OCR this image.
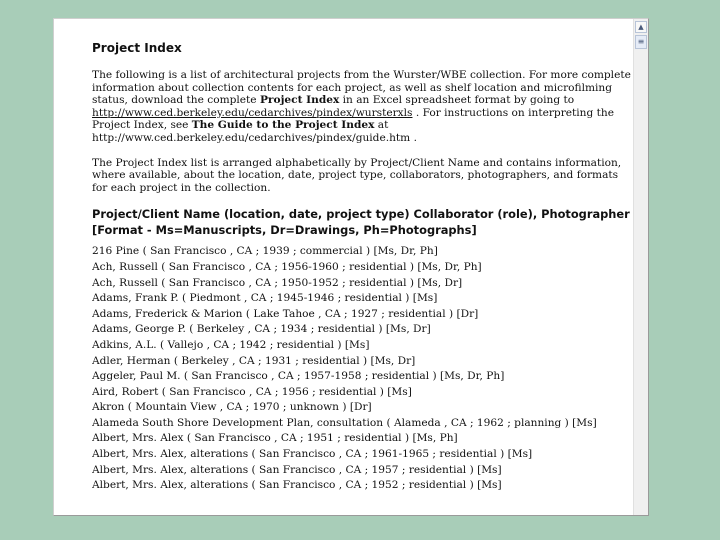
Project Index

The following is a list of architectural projects from the Wurster/WBE collection. For more complete information about collection contents for each project, as well as shelf location and microfilming status, download the complete Project Index in an Excel spreadsheet format by going to http://www.ced.berkeley.edu/cedarchives/pindex/wursterxls . For instructions on interpreting the Project Index, see The Guide to the Project Index at http://www.ced.berkeley.edu/cedarchives/pindex/guide.htm .

The Project Index list is arranged alphabetically by Project/Client Name and contains information, where available, about the location, date, project type, collaborators, photographers, and formats for each project in the collection.

Project/Client Name (location, date, project type) Collaborator (role), Photographer [Format - Ms=Manuscripts, Dr=Drawings, Ph=Photographs]
216 Pine ( San Francisco , CA ; 1939 ; commercial ) [Ms, Dr, Ph]
Ach, Russell ( San Francisco , CA ; 1956-1960 ; residential ) [Ms, Dr, Ph]
Ach, Russell ( San Francisco , CA ; 1950-1952 ; residential ) [Ms, Dr]
Adams, Frank P. ( Piedmont , CA ; 1945-1946 ; residential ) [Ms]
Adams, Frederick & Marion ( Lake Tahoe , CA ; 1927 ; residential ) [Dr]
Adams, George P. ( Berkeley , CA ; 1934 ; residential ) [Ms, Dr]
Adkins, A.L. ( Vallejo , CA ; 1942 ; residential ) [Ms]
Adler, Herman ( Berkeley , CA ; 1931 ; residential ) [Ms, Dr]
Aggeler, Paul M. ( San Francisco , CA ; 1957-1958 ; residential ) [Ms, Dr, Ph]
Aird, Robert ( San Francisco , CA ; 1956 ; residential ) [Ms]
Akron ( Mountain View , CA ; 1970 ; unknown ) [Dr]
Alameda South Shore Development Plan, consultation ( Alameda , CA ; 1962 ; planning ) [Ms]
Albert, Mrs. Alex ( San Francisco , CA ; 1951 ; residential ) [Ms, Ph]
Albert, Mrs. Alex, alterations ( San Francisco , CA ; 1961-1965 ; residential ) [Ms]
Albert, Mrs. Alex, alterations ( San Francisco , CA ; 1957 ; residential ) [Ms]
Albert, Mrs. Alex, alterations ( San Francisco , CA ; 1952 ; residential ) [Ms]
▲
≡
